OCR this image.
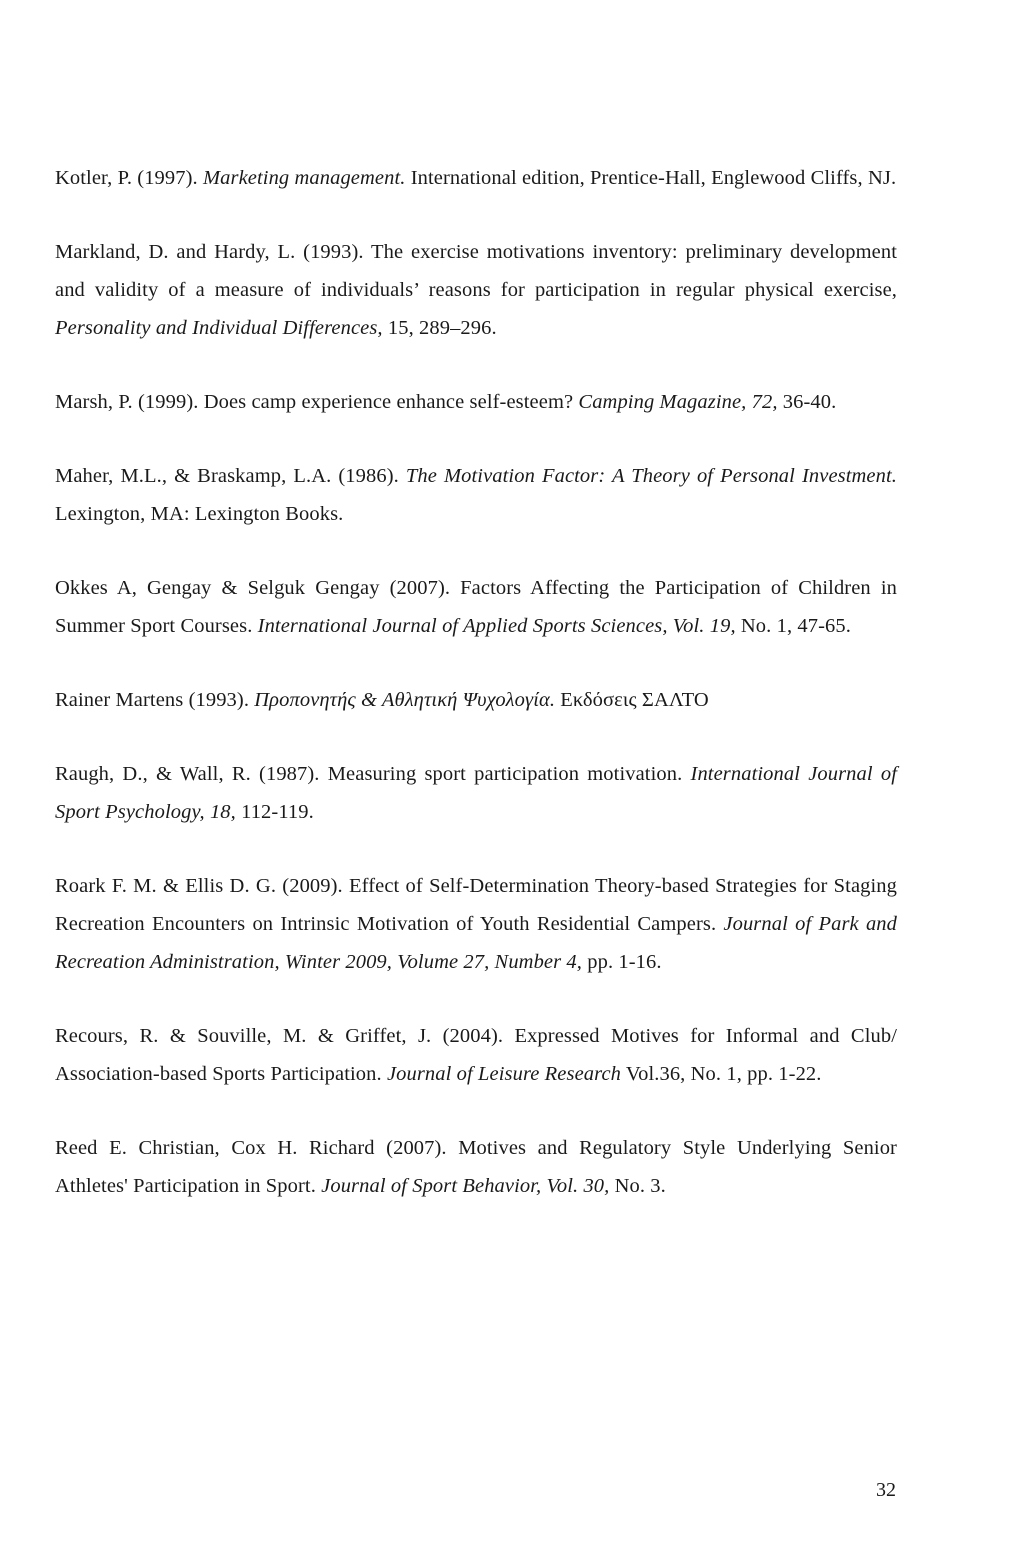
Kotler, P. (1997). Marketing management. International edition, Prentice-Hall, Englewood Cliffs, NJ.

Markland, D. and Hardy, L. (1993). The exercise motivations inventory: preliminary development and validity of a measure of individuals’ reasons for participation in regular physical exercise, Personality and Individual Differences, 15, 289–296.

Marsh, P. (1999). Does camp experience enhance self-esteem? Camping Magazine, 72, 36-40.

Maher, M.L., & Braskamp, L.A. (1986). The Motivation Factor: A Theory of Personal Investment. Lexington, MA: Lexington Books.

Okkes A, Gengay & Selguk Gengay (2007). Factors Affecting the Participation of Children in Summer Sport Courses. International Journal of Applied Sports Sciences, Vol. 19, No. 1, 47-65.

Rainer Martens (1993). Προπονητής & Αθλητική Ψυχολογία. Εκδόσεις ΣΑΛΤΟ

Raugh, D., & Wall, R. (1987). Measuring sport participation motivation. International Journal of Sport Psychology, 18, 112-119.

Roark F. M. & Ellis D. G. (2009). Effect of Self-Determination Theory-based Strategies for Staging Recreation Encounters on Intrinsic Motivation of Youth Residential Campers. Journal of Park and Recreation Administration, Winter 2009, Volume 27, Number 4, pp. 1-16.

Recours, R. & Souville, M. & Griffet, J. (2004). Expressed Motives for Informal and Club/ Association-based Sports Participation. Journal of Leisure Research Vol.36, No. 1, pp. 1-22.

Reed E. Christian, Cox H. Richard (2007). Motives and Regulatory Style Underlying Senior Athletes' Participation in Sport. Journal of Sport Behavior, Vol. 30, No. 3.

32
